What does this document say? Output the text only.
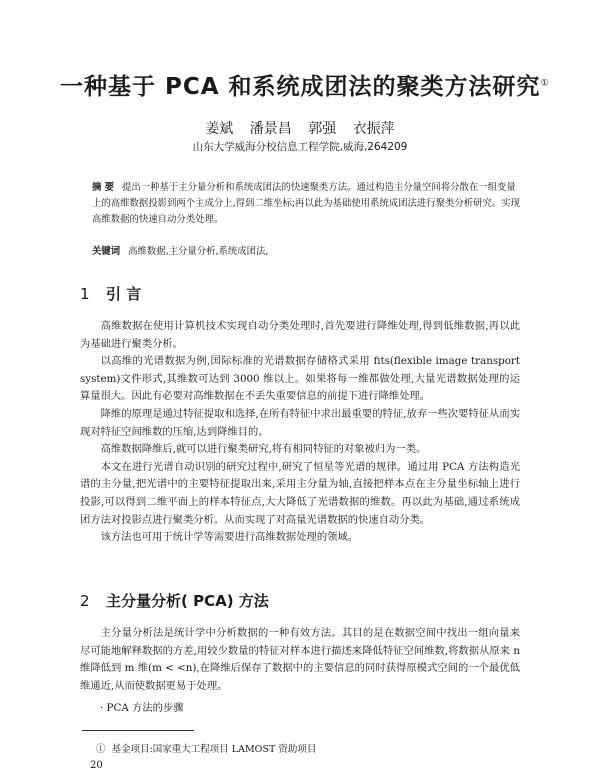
一种基于 PCA 和系统成团法的聚类方法研究①
姜斌 潘景昌 郭强 衣振萍
山东大学威海分校信息工程学院,威海,264209
摘 要 提出一种基于主分量分析和系统成团法的快速聚类方法。通过构造主分量空间将分散在一组变量上的高维数据投影到两个主成分上,得到二维坐标;再以此为基础使用系统成团法进行聚类分析研究。实现高维数据的快速自动分类处理。
关键词 高维数据,主分量分析,系统成团法,
1 引 言

高维数据在使用计算机技术实现自动分类处理时,首先要进行降维处理,得到低维数据,再以此为基础进行聚类分析。

以高维的光谱数据为例,国际标准的光谱数据存储格式采用 fits(flexible image transport system)文件形式,其维数可达到 3000 维以上。如果将每一维都做处理,大量光谱数据处理的运算量很大。因此有必要对高维数据在不丢失重要信息的前提下进行降维处理。

降维的原理是通过特征提取和选择,在所有特征中求出最重要的特征,放弃一些次要特征从而实现对特征空间维数的压缩,达到降维目的。

高维数据降维后,就可以进行聚类研究,将有相同特征的对象被归为一类。

本文在进行光谱自动识别的研究过程中,研究了恒星等光谱的规律。通过用 PCA 方法构造光谱的主分量,把光谱中的主要特征提取出来,采用主分量为轴,直接把样本点在主分量坐标轴上进行投影,可以得到二维平面上的样本特征点,大大降低了光谱数据的维数。再以此为基础,通过系统成团方法对投影点进行聚类分析。从而实现了对高量光谱数据的快速自动分类。

该方法也可用于统计学等需要进行高维数据处理的领域。

2 主分量分析( PCA) 方法

主分量分析法是统计学中分析数据的一种有效方法。其目的是在数据空间中找出一组向量来尽可能地解释数据的方差,用较少数量的特征对样本进行描述来降低特征空间维数,将数据从原来 n 维降低到 m 维(m < <n),在降维后保存了数据中的主要信息的同时获得原模式空间的一个最优低维通近,从而使数据更易于处理。

· PCA 方法的步骤
① 基金项目:国家重大工程项目 LAMOST 资助项目
20
